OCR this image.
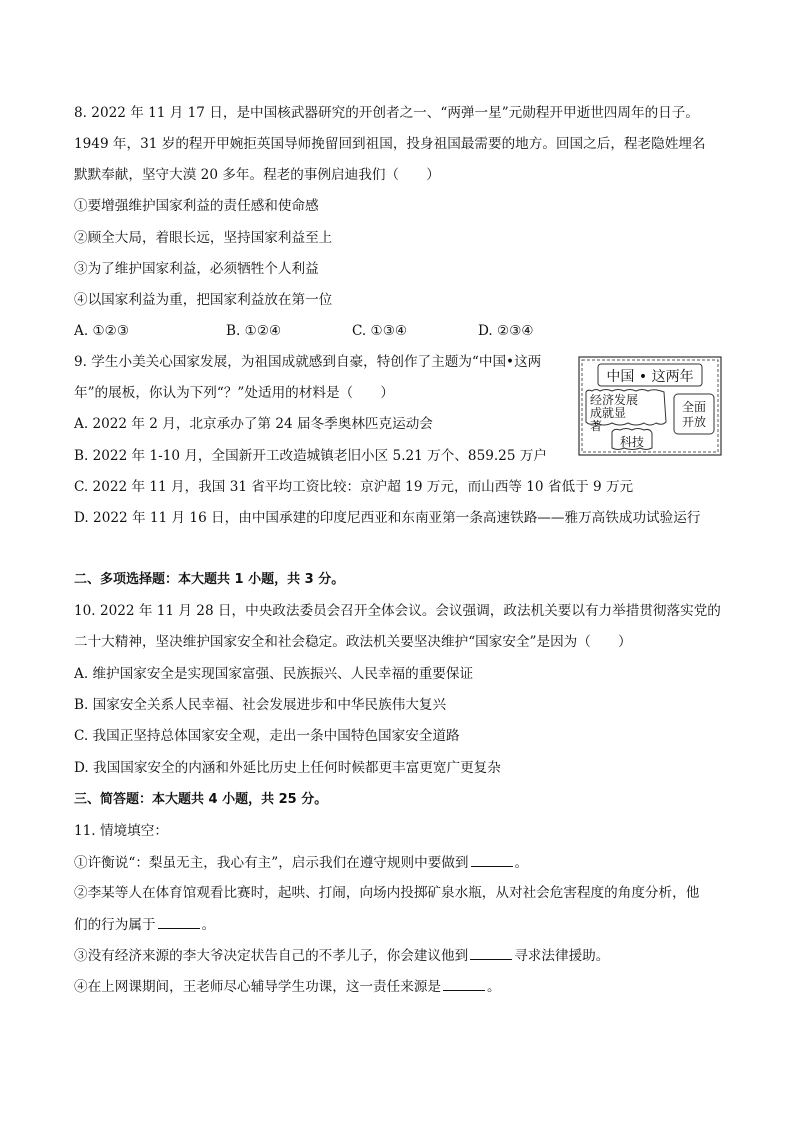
8. 2022 年 11 月 17 日，是中国核武器研究的开创者之一、“两弹一星”元勋程开甲逝世四周年的日子。
1949 年，31 岁的程开甲婉拒英国导师挽留回到祖国，投身祖国最需要的地方。回国之后，程老隐姓埋名
默默奉献，坚守大漠 20 多年。程老的事例启迪我们（　　）
①要增强维护国家利益的责任感和使命感
②顾全大局，着眼长远，坚持国家利益至上
③为了维护国家利益，必须牺牲个人利益
④以国家利益为重，把国家利益放在第一位
A. ①②③	B. ①②④	C. ①③④	D. ②③④
9. 学生小美关心国家发展，为祖国成就感到自豪，特创作了主题为“中国•这两
年”的展板，你认为下列“？”处适用的材料是（　　）
A. 2022 年 2 月，北京承办了第 24 届冬季奥林匹克运动会
B. 2022 年 1-10 月，全国新开工改造城镇老旧小区 5.21 万个、859.25 万户
C. 2022 年 11 月，我国 31 省平均工资比较：京沪超 19 万元，而山西等 10 省低于 9 万元
D. 2022 年 11 月 16 日，由中国承建的印度尼西亚和东南亚第一条高速铁路——雅万高铁成功试验运行
中国 • 这两年
经济发展
成就显
著
全面
开放
科技
二、多项选择题：本大题共 1 小题，共 3 分。
10. 2022 年 11 月 28 日，中央政法委员会召开全体会议。会议强调，政法机关要以有力举措贯彻落实党的
二十大精神，坚决维护国家安全和社会稳定。政法机关要坚决维护“国家安全”是因为（　　）
A. 维护国家安全是实现国家富强、民族振兴、人民幸福的重要保证
B. 国家安全关系人民幸福、社会发展进步和中华民族伟大复兴
C. 我国正坚持总体国家安全观，走出一条中国特色国家安全道路
D. 我国国家安全的内涵和外延比历史上任何时候都更丰富更宽广更复杂
三、简答题：本大题共 4 小题，共 25 分。
11. 情境填空：
①许衡说“：梨虽无主，我心有主”，启示我们在遵守规则中要做到	。
②李某等人在体育馆观看比赛时，起哄、打闹，向场内投掷矿泉水瓶，从对社会危害程度的角度分析，他
们的行为属于	。
③没有经济来源的李大爷决定状告自己的不孝儿子，你会建议他到	寻求法律援助。
④在上网课期间，王老师尽心辅导学生功课，这一责任来源是	。
